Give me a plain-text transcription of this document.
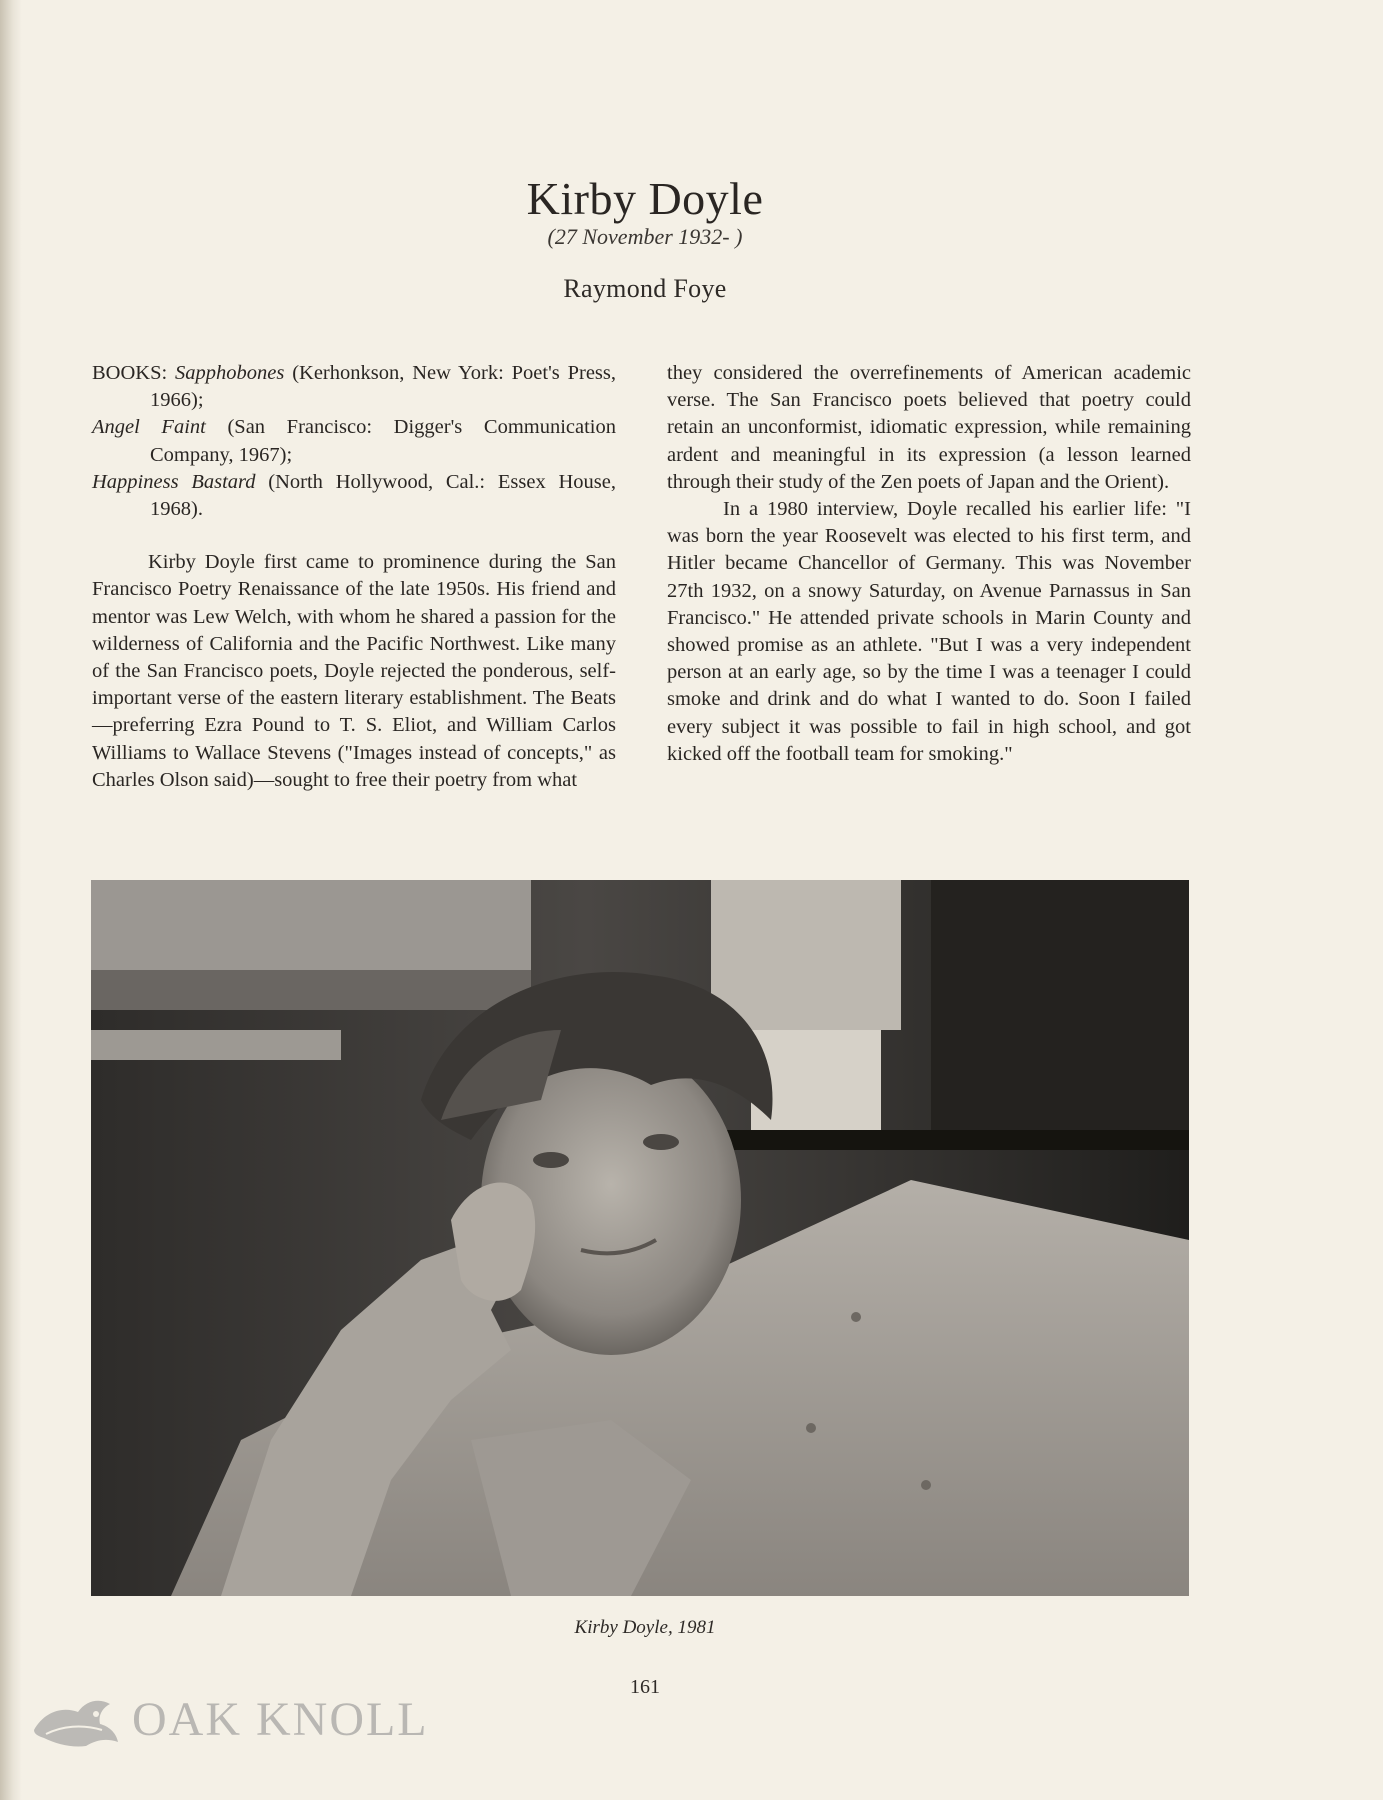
Kirby Doyle
(27 November 1932- )
Raymond Foye

BOOKS: Sapphobones (Kerhonkson, New York: Poet's Press, 1966);

Angel Faint (San Francisco: Digger's Communication Company, 1967);

Happiness Bastard (North Hollywood, Cal.: Essex House, 1968).

Kirby Doyle first came to prominence during the San Francisco Poetry Renaissance of the late 1950s. His friend and mentor was Lew Welch, with whom he shared a passion for the wilderness of California and the Pacific Northwest. Like many of the San Francisco poets, Doyle rejected the ponderous, self-important verse of the eastern literary establishment. The Beats—preferring Ezra Pound to T. S. Eliot, and William Carlos Williams to Wallace Stevens ("Images instead of concepts," as Charles Olson said)—sought to free their poetry from what

they considered the overrefinements of American academic verse. The San Francisco poets believed that poetry could retain an unconformist, idiomatic expression, while remaining ardent and meaningful in its expression (a lesson learned through their study of the Zen poets of Japan and the Orient).

In a 1980 interview, Doyle recalled his earlier life: "I was born the year Roosevelt was elected to his first term, and Hitler became Chancellor of Germany. This was November 27th 1932, on a snowy Saturday, on Avenue Parnassus in San Francisco." He attended private schools in Marin County and showed promise as an athlete. "But I was a very independent person at an early age, so by the time I was a teenager I could smoke and drink and do what I wanted to do. Soon I failed every subject it was possible to fail in high school, and got kicked off the football team for smoking."

Kirby Doyle, 1981
161
OAK KNOLL
